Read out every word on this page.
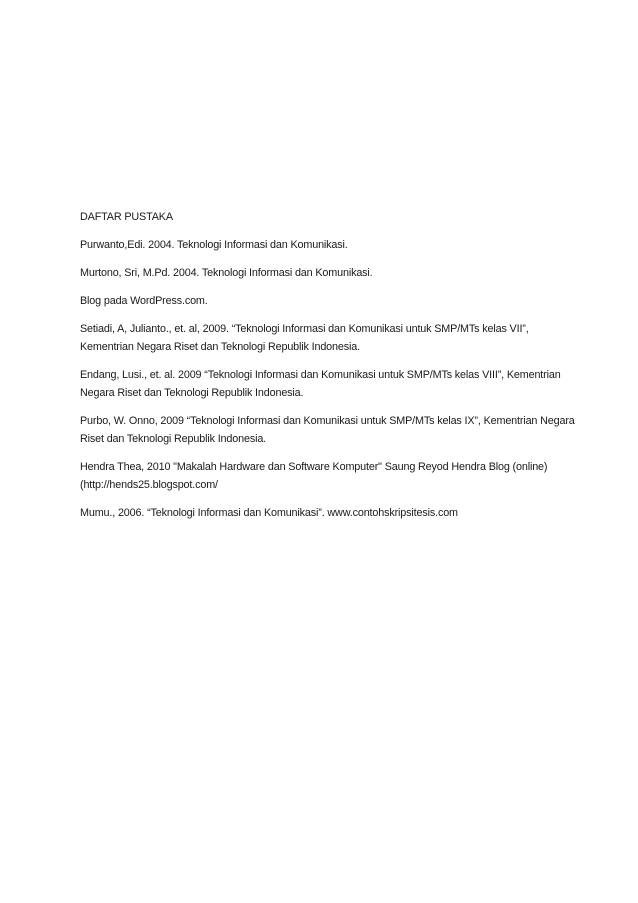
DAFTAR PUSTAKA
Purwanto,Edi. 2004. Teknologi Informasi dan Komunikasi.
Murtono, Sri, M.Pd. 2004. Teknologi Informasi dan Komunikasi.
Blog pada WordPress.com.
Setiadi, A, Julianto., et. al, 2009. “Teknologi Informasi dan Komunikasi untuk SMP/MTs kelas VII”, Kementrian Negara Riset dan Teknologi Republik Indonesia.
Endang, Lusi., et. al. 2009 “Teknologi Informasi dan Komunikasi untuk SMP/MTs kelas VIII”, Kementrian Negara Riset dan Teknologi Republik Indonesia.
Purbo, W. Onno, 2009 “Teknologi Informasi dan Komunikasi untuk SMP/MTs kelas IX”, Kementrian Negara Riset dan Teknologi Republik Indonesia.
Hendra Thea, 2010 "Makalah Hardware dan Software Komputer" Saung Reyod Hendra Blog (online) (http://hends25.blogspot.com/
Mumu., 2006. “Teknologi Informasi dan Komunikasi”. www.contohskripsitesis.com
